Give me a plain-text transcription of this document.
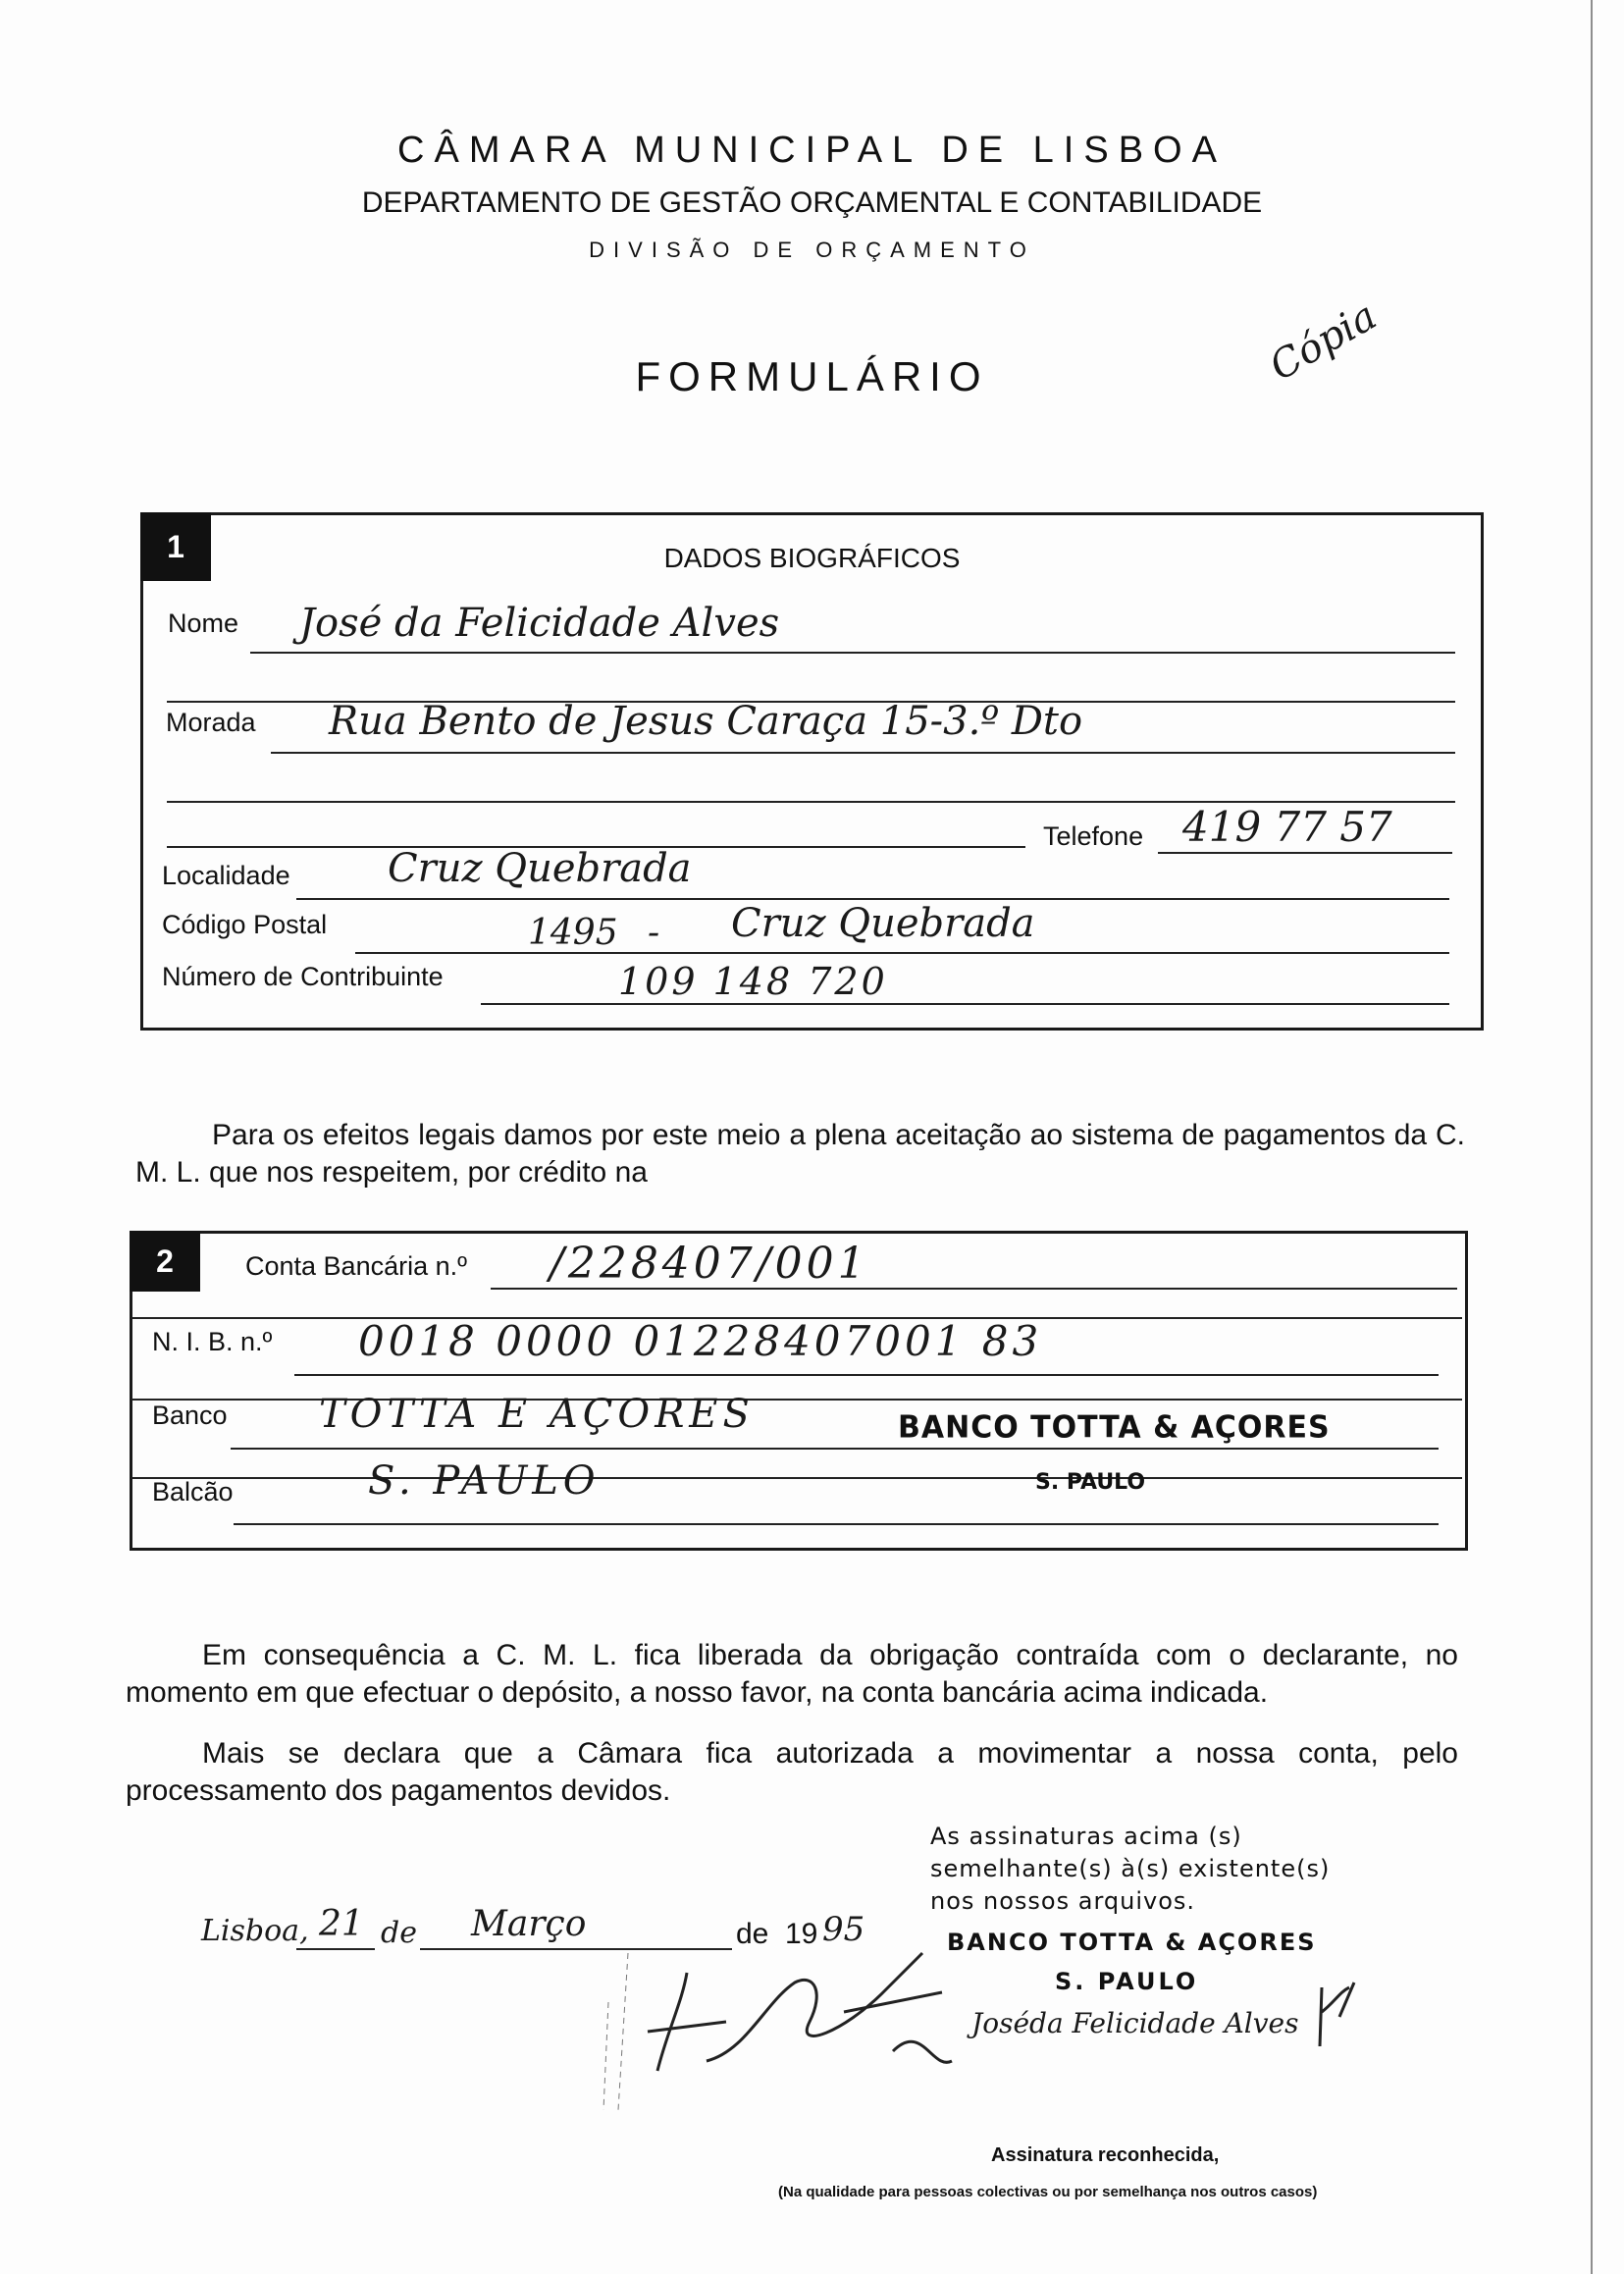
CÂMARA MUNICIPAL DE LISBOA
DEPARTAMENTO DE GESTÃO ORÇAMENTAL E CONTABILIDADE
DIVISÃO DE ORÇAMENTO
FORMULÁRIO	Cópia
1	DADOS BIOGRÁFICOS
Nome José da Felicidade Alves
Morada Rua Bento de Jesus Caraça 15-3.º Dto
Telefone 419 77 57
Localidade Cruz Quebrada
Código Postal	1495 - Cruz Quebrada
Número de Contribuinte	109 148 720
Para os efeitos legais damos por este meio a plena aceitação ao sistema de pagamentos da C. M. L. que nos respeitem, por crédito na
2	Conta Bancária n.º /228407/001
N. I. B. n.º 0018 0000 01228407001 83
Banco TOTTA E AÇORES	BANCO TOTTA & AÇORES
Balcão	S. PAULO	S. PAULO
Em consequência a C. M. L. fica liberada da obrigação contraída com o declarante, no momento em que efectuar o depósito, a nosso favor, na conta bancária acima indicada.
Mais se declara que a Câmara fica autorizada a movimentar a nossa conta, pelo processamento dos pagamentos devidos.
Lisboa, 21 de Março	de 19 95
As assinaturas acima (s)
semelhante(s) à(s) existente(s)
nos nossos arquivos.
BANCO TOTTA & AÇORES
S. PAULO
Joséda Felicidade Alves
Assinatura reconhecida,
(Na qualidade para pessoas colectivas ou por semelhança nos outros casos)
